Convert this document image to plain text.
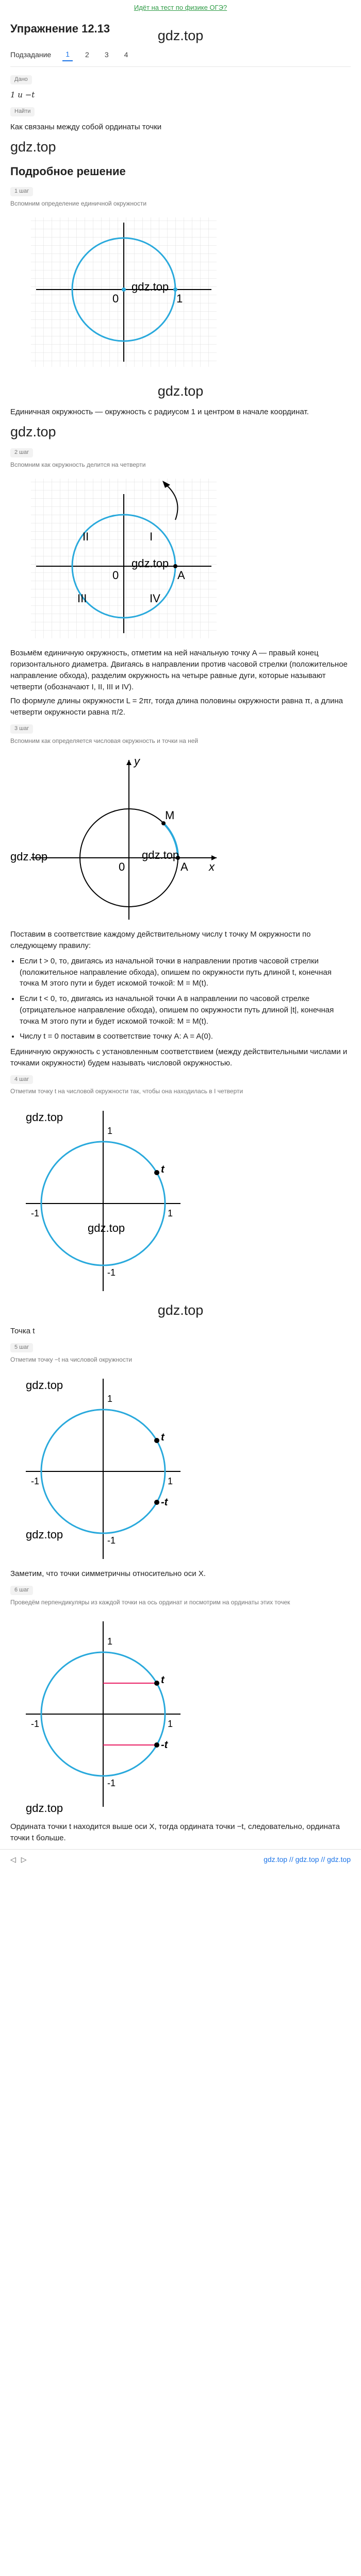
Идёт на тест по физике ОГЭ?
Упражнение 12.13	gdz.top
Подзадание	1	2	3	4
Дано

1 и −t

Найти

Как связаны между собой ординаты точки

gdz.top
Подробное решение
1 шаг
Вспомним определение единичной окружности
0	1
gdz.top
gdz.top

Единичная окружность — окружность с радиусом 1 и центром в начале координат.

gdz.top
2 шаг
Вспомним как окружность делится на четверти
I
II
III	IV
0	A
gdz.top

Возьмём единичную окружность, отметим на ней начальную точку A — правый конец горизонтального диаметра. Двигаясь в направлении против часовой стрелки (положительное направление обхода), разделим окружность на четыре равные дуги, которые называют четверти (обозначают I, II, III и IV).

По формуле длины окружности L = 2πr, тогда длина половины окружности равна π, а длина четверти окружности равна π/2.

3 шаг
Вспомним как определяется числовая окружность и точки на ней
M
A x
y
0
gdz.top	gdz.top

Поставим в соответствие каждому действительному числу t точку M окружности по следующему правилу:

• Если t > 0, то, двигаясь из начальной точки в направлении против часовой стрелки (положительное направление обхода), опишем по окружности путь длиной t, конечная точка M этого пути и будет искомой точкой: M = M(t).
• Если t < 0, то, двигаясь из начальной точки A в направлении по часовой стрелке (отрицательное направление обхода), опишем по окружности путь длиной |t|, конечная точка M этого пути и будет искомой точкой: M = M(t).
• Числу t = 0 поставим в соответствие точку A: A = A(0).

Единичную окружность с установленным соответствием (между действительными числами и точками окружности) будем называть числовой окружностью.

4 шаг
Отметим точку t на числовой окружности так, чтобы она находилась в I четверти
gdz.top
t
1
1
-1
-1
gdz.top
gdz.top

Точка t

5 шаг
Отметим точку −t на числовой окружности
gdz.top
t
-t
1
1
-1
-1
gdz.top

Заметим, что точки симметричны относительно оси X.

6 шаг
Проведём перпендикуляры из каждой точки на ось ординат и посмотрим на ординаты этих точек
t
-t
1
1
-1
-1
gdz.top

Ордината точки t находится выше оси X, тогда ордината точки −t, следовательно, ордината точки t больше.

◁ ▷	gdz.top // gdz.top // gdz.top
